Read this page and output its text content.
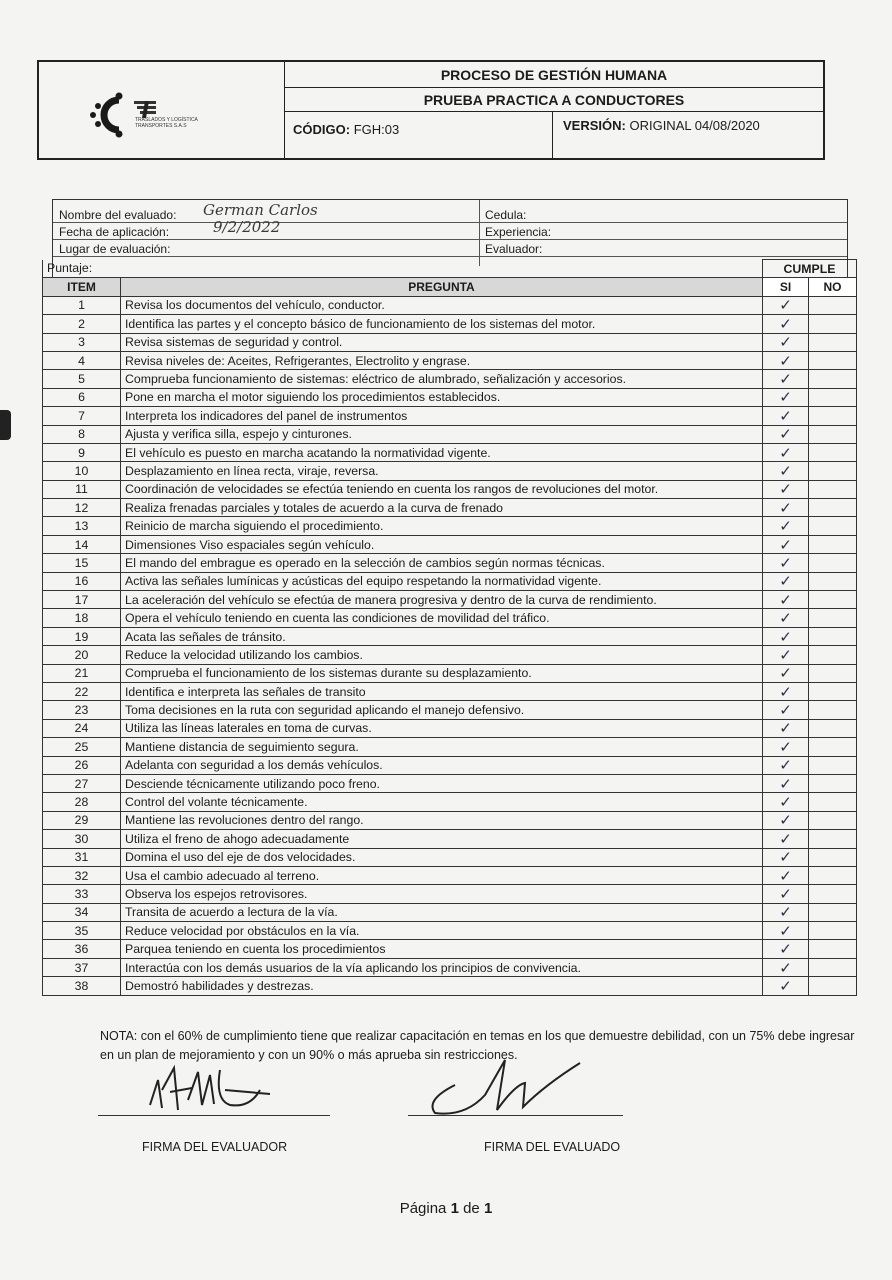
TRASLADOS Y LOGÍSTICA
TRANSPORTES S.A.S
PROCESO DE GESTIÓN HUMANA
PRUEBA PRACTICA A CONDUCTORES
CÓDIGO: FGH:03	VERSIÓN: ORIGINAL 04/08/2020
Nombre del evaluado: German Carlos	Cedula:
Fecha de aplicación:	9/2/2022	Experiencia:
Lugar de evaluación:	Evaluador:
Puntaje:		CUMPLE	
ITEM	PREGUNTA	SI	NO
1	Revisa los documentos del vehículo, conductor.	✓	
2	Identifica las partes y el concepto básico de funcionamiento de los sistemas del motor.	✓	
3	Revisa sistemas de seguridad y control.	✓	
4	Revisa niveles de: Aceites, Refrigerantes, Electrolito y engrase.	✓	
5	Comprueba funcionamiento de sistemas: eléctrico de alumbrado, señalización y accesorios.	✓	
6	Pone en marcha el motor siguiendo los procedimientos establecidos.	✓	
7	Interpreta los indicadores del panel de instrumentos	✓	
8	Ajusta y verifica silla, espejo y cinturones.	✓	
9	El vehículo es puesto en marcha acatando la normatividad vigente.	✓	
10	Desplazamiento en línea recta, viraje, reversa.	✓	
11	Coordinación de velocidades se efectúa teniendo en cuenta los rangos de revoluciones del motor.	✓	
12	Realiza frenadas parciales y totales de acuerdo a la curva de frenado	✓	
13	Reinicio de marcha siguiendo el procedimiento.	✓	
14	Dimensiones Viso espaciales según vehículo.	✓	
15	El mando del embrague es operado en la selección de cambios según normas técnicas.	✓	
16	Activa las señales lumínicas y acústicas del equipo respetando la normatividad vigente.	✓	
17	La aceleración del vehículo se efectúa de manera progresiva y dentro de la curva de rendimiento.	✓	
18	Opera el vehículo teniendo en cuenta las condiciones de movilidad del tráfico.	✓	
19	Acata las señales de tránsito.	✓	
20	Reduce la velocidad utilizando los cambios.	✓	
21	Comprueba el funcionamiento de los sistemas durante su desplazamiento.	✓	
22	Identifica e interpreta las señales de transito	✓	
23	Toma decisiones en la ruta con seguridad aplicando el manejo defensivo.	✓	
24	Utiliza las líneas laterales en toma de curvas.	✓	
25	Mantiene distancia de seguimiento segura.	✓	
26	Adelanta con seguridad a los demás vehículos.	✓	
27	Desciende técnicamente utilizando poco freno.	✓	
28	Control del volante técnicamente.	✓	
29	Mantiene las revoluciones dentro del rango.	✓	
30	Utiliza el freno de ahogo adecuadamente	✓	
31	Domina el uso del eje de dos velocidades.	✓	
32	Usa el cambio adecuado al terreno.	✓	
33	Observa los espejos retrovisores.	✓	
34	Transita de acuerdo a lectura de la vía.	✓	
35	Reduce velocidad por obstáculos en la vía.	✓	
36	Parquea teniendo en cuenta los procedimientos	✓	
37	Interactúa con los demás usuarios de la vía aplicando los principios de convivencia.	✓	
38	Demostró habilidades y destrezas.	✓	
NOTA: con el 60% de cumplimiento tiene que realizar capacitación en temas en los que demuestre debilidad, con un 75% debe ingresar en un plan de mejoramiento y con un 90% o más aprueba sin restricciones.
FIRMA DEL EVALUADOR	FIRMA DEL EVALUADO
Página 1 de 1
